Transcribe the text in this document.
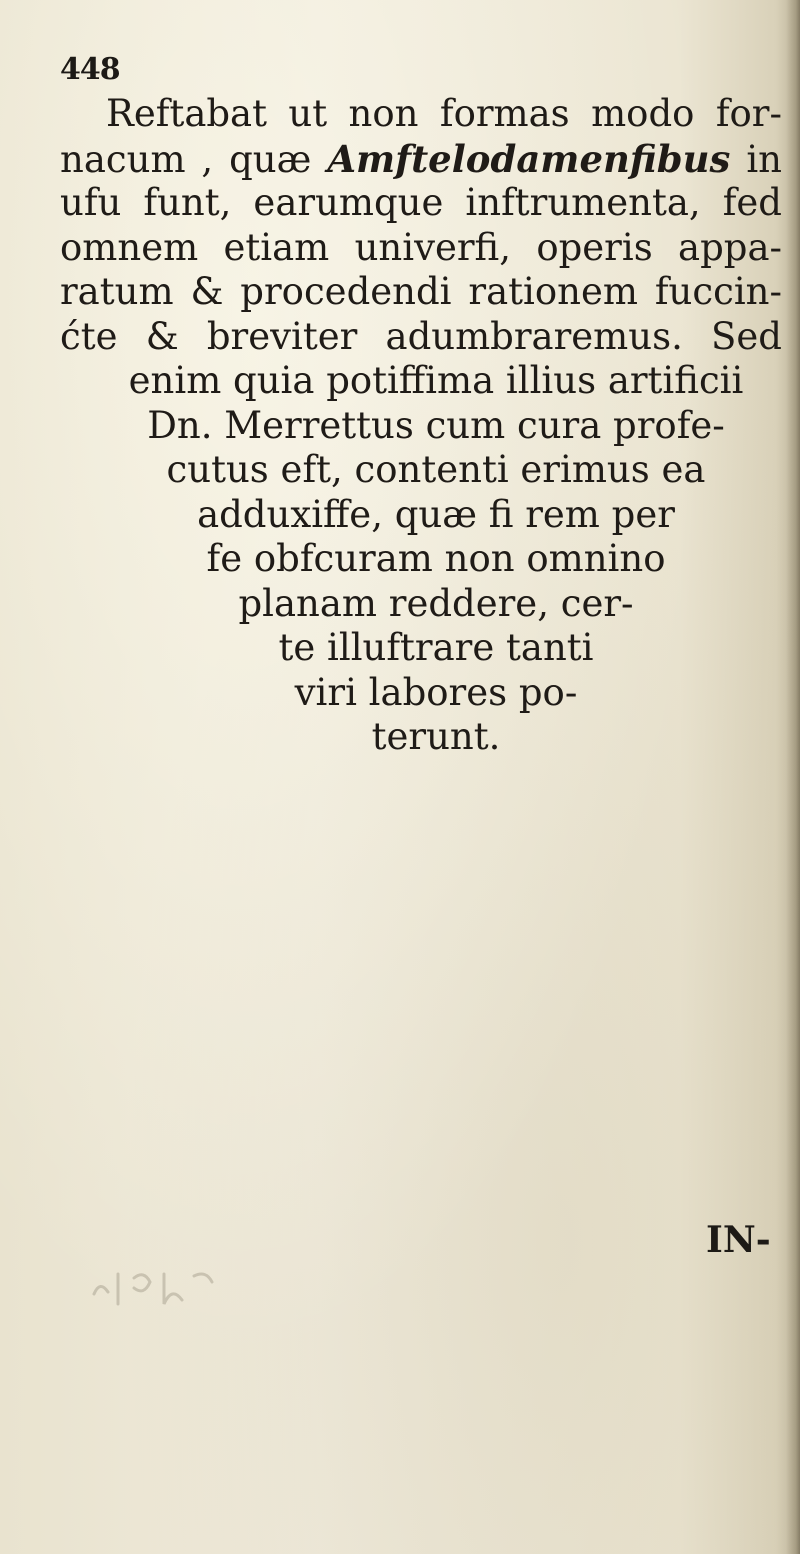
448
Reftabat ut non formas modo for-
nacum , quæ Amftelodamenfibus in
ufu funt, earumque inftrumenta, fed
omnem etiam univerfi, operis appa-
ratum & procedendi rationem fuccin-
ćte & breviter adumbraremus. Sed
enim quia potiffima illius artificii
Dn. Merrettus cum cura profe-
cutus eft, contenti erimus ea
adduxiffe, quæ fi rem per
fe obfcuram non omnino
planam reddere, cer-
te illuftrare tanti
viri labores po-
terunt.
IN-
